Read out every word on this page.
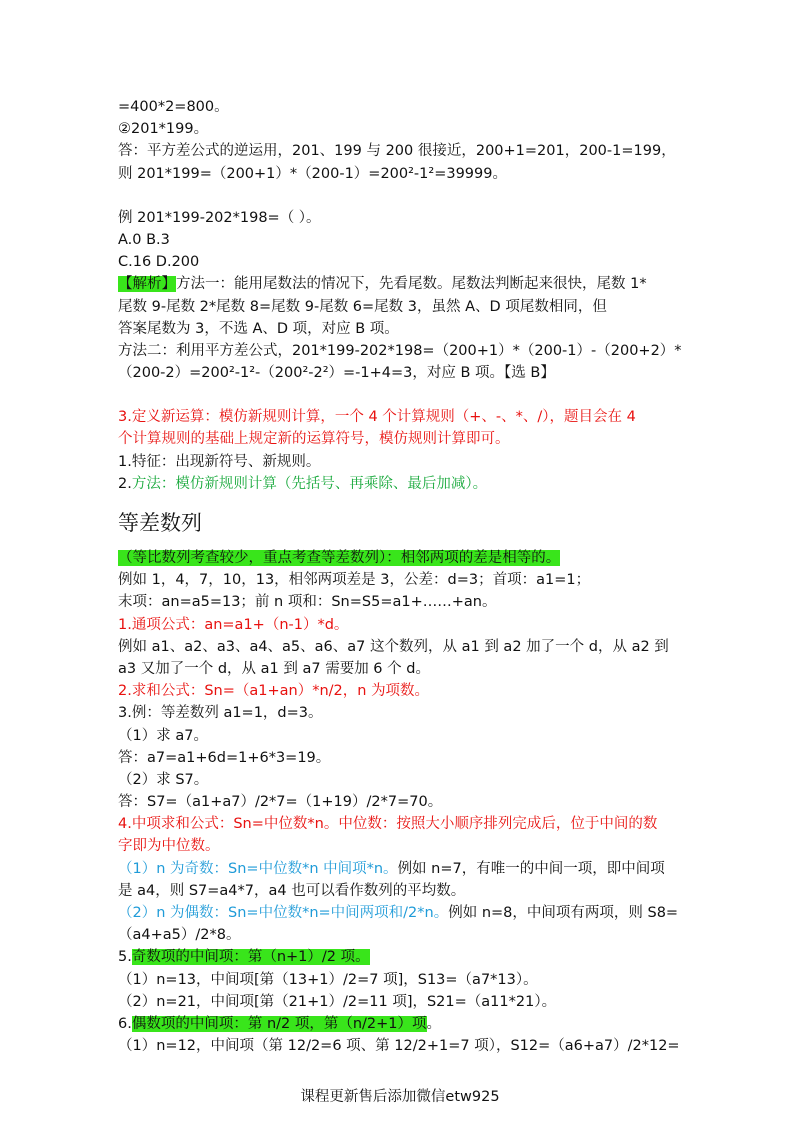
=400*2=800。
②201*199。
答：平方差公式的逆运用，201、199 与 200 很接近，200+1=201，200-1=199，
则 201*199=（200+1）*（200-1）=200²-1²=39999。
例 201*199-202*198=（ ）。
A.0 B.3
C.16 D.200
【解析】方法一：能用尾数法的情况下，先看尾数。尾数法判断起来很快，尾数 1*
尾数 9-尾数 2*尾数 8=尾数 9-尾数 6=尾数 3，虽然 A、D 项尾数相同，但
答案尾数为 3，不选 A、D 项，对应 B 项。
方法二：利用平方差公式，201*199-202*198=（200+1）*（200-1）-（200+2）*
（200-2）=200²-1²-（200²-2²）=-1+4=3，对应 B 项。【选 B】
3.定义新运算：模仿新规则计算，一个 4 个计算规则（+、-、*、/），题目会在 4
个计算规则的基础上规定新的运算符号，模仿规则计算即可。
1.特征：出现新符号、新规则。
2.方法：模仿新规则计算（先括号、再乘除、最后加减）。
等差数列
（等比数列考查较少，重点考查等差数列）：相邻两项的差是相等的。
例如 1，4，7，10，13，相邻两项差是 3，公差：d=3；首项：a1=1；
末项：an=a5=13；前 n 项和：Sn=S5=a1+……+an。
1.通项公式：an=a1+（n-1）*d。
例如 a1、a2、a3、a4、a5、a6、a7 这个数列，从 a1 到 a2 加了一个 d，从 a2 到
a3 又加了一个 d，从 a1 到 a7 需要加 6 个 d。
2.求和公式：Sn=（a1+an）*n/2，n 为项数。
3.例：等差数列 a1=1，d=3。
（1）求 a7。
答：a7=a1+6d=1+6*3=19。
（2）求 S7。
答：S7=（a1+a7）/2*7=（1+19）/2*7=70。
4.中项求和公式：Sn=中位数*n。中位数：按照大小顺序排列完成后，位于中间的数
字即为中位数。
（1）n 为奇数：Sn=中位数*n 中间项*n。例如 n=7，有唯一的中间一项，即中间项
是 a4，则 S7=a4*7，a4 也可以看作数列的平均数。
（2）n 为偶数：Sn=中位数*n=中间两项和/2*n。例如 n=8，中间项有两项，则 S8=
（a4+a5）/2*8。
5.奇数项的中间项：第（n+1）/2 项。
（1）n=13，中间项[第（13+1）/2=7 项]，S13=（a7*13）。
（2）n=21，中间项[第（21+1）/2=11 项]，S21=（a11*21）。
6.偶数项的中间项：第 n/2 项，第（n/2+1）项。
（1）n=12，中间项（第 12/2=6 项、第 12/2+1=7 项），S12=（a6+a7）/2*12=
课程更新售后添加微信etw925
